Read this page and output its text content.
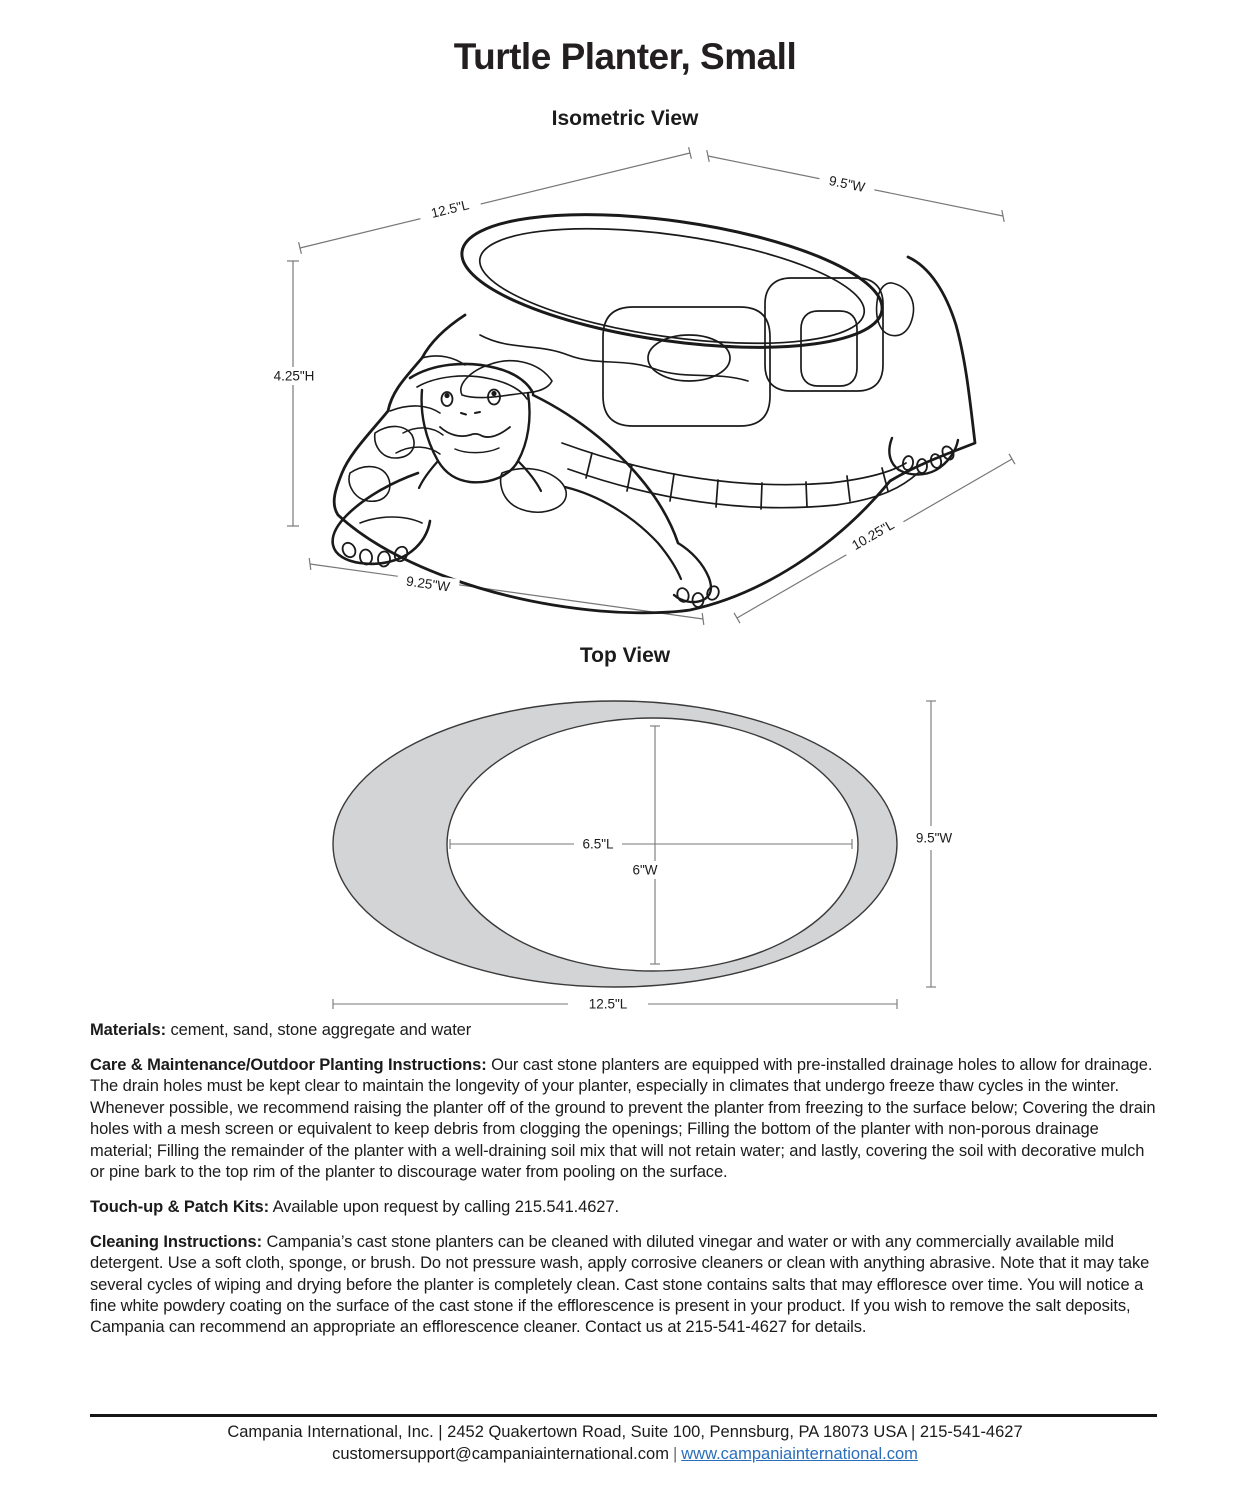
Turtle Planter, Small
Isometric View
12.5"L
9.5"W
4.25"H
9.25"W
10.25"L
Top View
6.5"L
6"W
9.5"W
12.5"L

Materials: cement, sand, stone aggregate and water

Care & Maintenance/Outdoor Planting Instructions: Our cast stone planters are equipped with pre-installed drainage holes to allow for drainage. The drain holes must be kept clear to maintain the longevity of your planter, especially in climates that undergo freeze thaw cycles in the winter. Whenever possible, we recommend raising the planter off of the ground to prevent the planter from freezing to the surface below; Covering the drain holes with a mesh screen or equivalent to keep debris from clogging the openings; Filling the bottom of the planter with non-porous drainage material; Filling the remainder of the planter with a well-draining soil mix that will not retain water; and lastly, covering the soil with decorative mulch or pine bark to the top rim of the planter to discourage water from pooling on the surface.

Touch-up & Patch Kits: Available upon request by calling 215.541.4627.

Cleaning Instructions: Campania’s cast stone planters can be cleaned with diluted vinegar and water or with any commercially available mild detergent. Use a soft cloth, sponge, or brush. Do not pressure wash, apply corrosive cleaners or clean with anything abrasive. Note that it may take several cycles of wiping and drying before the planter is completely clean. Cast stone contains salts that may effloresce over time. You will notice a fine white powdery coating on the surface of the cast stone if the efflorescence is present in your product. If you wish to remove the salt deposits, Campania can recommend an appropriate an efflorescence cleaner. Contact us at 215-541-4627 for details.

Campania International, Inc. | 2452 Quakertown Road, Suite 100, Pennsburg, PA 18073 USA | 215-541-4627
customersupport@campaniainternational.com | www.campaniainternational.com
